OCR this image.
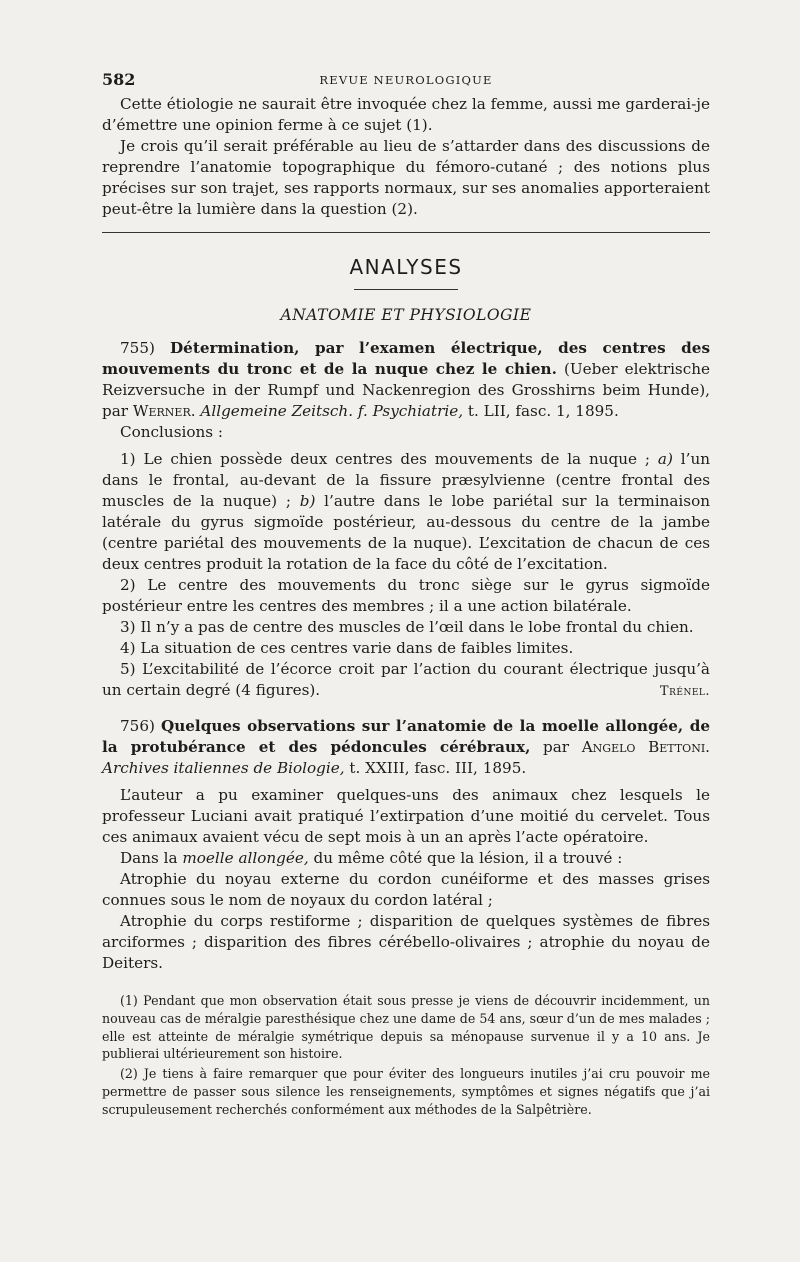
582	REVUE NEUROLOGIQUE

Cette étiologie ne saurait être invoquée chez la femme, aussi me garderai-je d’émettre une opinion ferme à ce sujet (1).

Je crois qu’il serait préférable au lieu de s’attarder dans des discussions de reprendre l’anatomie topographique du fémoro-cutané ; des notions plus précises sur son trajet, ses rapports normaux, sur ses anomalies apporteraient peut-être la lumière dans la question (2).

ANALYSES
ANATOMIE ET PHYSIOLOGIE

755) Détermination, par l’examen électrique, des centres des mouvements du tronc et de la nuque chez le chien. (Ueber elektrische Reizversuche in der Rumpf und Nackenregion des Grosshirns beim Hunde), par Werner. Allgemeine Zeitsch. f. Psychiatrie, t. LII, fasc. 1, 1895.

Conclusions :

1) Le chien possède deux centres des mouvements de la nuque ; a) l’un dans le frontal, au-devant de la fissure præsylvienne (centre frontal des muscles de la nuque) ; b) l’autre dans le lobe pariétal sur la terminaison latérale du gyrus sigmoïde postérieur, au-dessous du centre de la jambe (centre pariétal des mouvements de la nuque). L’excitation de chacun de ces deux centres produit la rotation de la face du côté de l’excitation.

2) Le centre des mouvements du tronc siège sur le gyrus sigmoïde postérieur entre les centres des membres ; il a une action bilatérale.

3) Il n’y a pas de centre des muscles de l’œil dans le lobe frontal du chien.

4) La situation de ces centres varie dans de faibles limites.

5) L’excitabilité de l’écorce croit par l’action du courant électrique jusqu’à un certain degré (4 figures).	Trénel.

756) Quelques observations sur l’anatomie de la moelle allongée, de la protubérance et des pédoncules cérébraux, par Angelo Bettoni. Archives italiennes de Biologie, t. XXIII, fasc. III, 1895.

L’auteur a pu examiner quelques-uns des animaux chez lesquels le professeur Luciani avait pratiqué l’extirpation d’une moitié du cervelet. Tous ces animaux avaient vécu de sept mois à un an après l’acte opératoire.

Dans la moelle allongée, du même côté que la lésion, il a trouvé :

Atrophie du noyau externe du cordon cunéiforme et des masses grises connues sous le nom de noyaux du cordon latéral ;

Atrophie du corps restiforme ; disparition de quelques systèmes de fibres arciformes ; disparition des fibres cérébello-olivaires ; atrophie du noyau de Deiters.

(1) Pendant que mon observation était sous presse je viens de découvrir incidemment, un nouveau cas de méralgie paresthésique chez une dame de 54 ans, sœur d’un de mes malades ; elle est atteinte de méralgie symétrique depuis sa ménopause survenue il y a 10 ans. Je publierai ultérieurement son histoire.

(2) Je tiens à faire remarquer que pour éviter des longueurs inutiles j’ai cru pouvoir me permettre de passer sous silence les renseignements, symptômes et signes négatifs que j’ai scrupuleusement recherchés conformément aux méthodes de la Salpêtrière.
